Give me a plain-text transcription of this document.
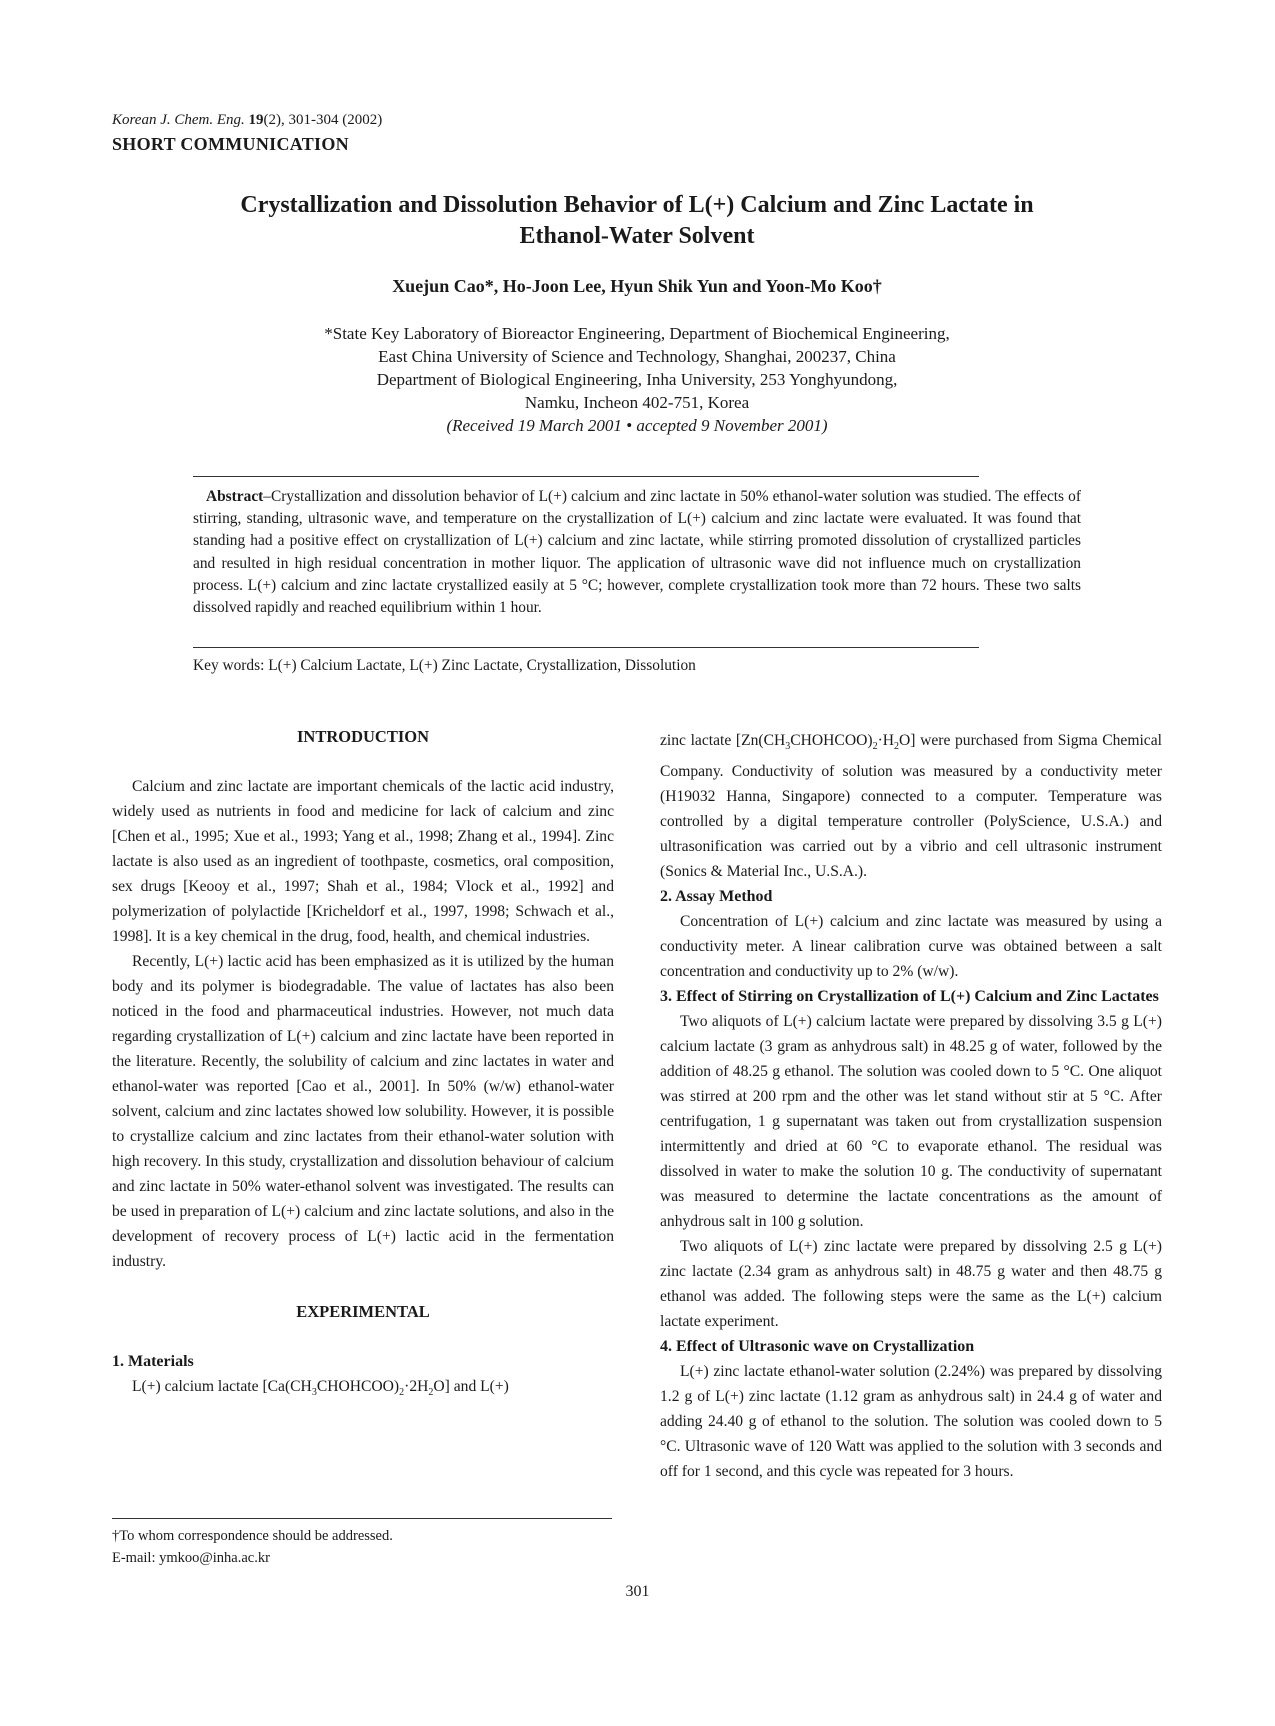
Korean J. Chem. Eng. 19(2), 301-304 (2002)
SHORT COMMUNICATION
Crystallization and Dissolution Behavior of L(+) Calcium and Zinc Lactate in
Ethanol-Water Solvent
Xuejun Cao*, Ho-Joon Lee, Hyun Shik Yun and Yoon-Mo Koo†
*State Key Laboratory of Bioreactor Engineering, Department of Biochemical Engineering,
East China University of Science and Technology, Shanghai, 200237, China
Department of Biological Engineering, Inha University, 253 Yonghyundong,
Namku, Incheon 402-751, Korea
(Received 19 March 2001 • accepted 9 November 2001)
Abstract–Crystallization and dissolution behavior of L(+) calcium and zinc lactate in 50% ethanol-water solution was studied. The effects of stirring, standing, ultrasonic wave, and temperature on the crystallization of L(+) calcium and zinc lactate were evaluated. It was found that standing had a positive effect on crystallization of L(+) calcium and zinc lactate, while stirring promoted dissolution of crystallized particles and resulted in high residual concentration in mother liquor. The application of ultrasonic wave did not influence much on crystallization process. L(+) calcium and zinc lactate crystallized easily at 5 °C; however, complete crystallization took more than 72 hours. These two salts dissolved rapidly and reached equilibrium within 1 hour.
Key words: L(+) Calcium Lactate, L(+) Zinc Lactate, Crystallization, Dissolution
INTRODUCTION

Calcium and zinc lactate are important chemicals of the lactic acid industry, widely used as nutrients in food and medicine for lack of calcium and zinc [Chen et al., 1995; Xue et al., 1993; Yang et al., 1998; Zhang et al., 1994]. Zinc lactate is also used as an ingredient of toothpaste, cosmetics, oral composition, sex drugs [Keooy et al., 1997; Shah et al., 1984; Vlock et al., 1992] and polymerization of polylactide [Kricheldorf et al., 1997, 1998; Schwach et al., 1998]. It is a key chemical in the drug, food, health, and chemical industries.

Recently, L(+) lactic acid has been emphasized as it is utilized by the human body and its polymer is biodegradable. The value of lactates has also been noticed in the food and pharmaceutical industries. However, not much data regarding crystallization of L(+) calcium and zinc lactate have been reported in the literature. Recently, the solubility of calcium and zinc lactates in water and ethanol-water was reported [Cao et al., 2001]. In 50% (w/w) ethanol-water solvent, calcium and zinc lactates showed low solubility. However, it is possible to crystallize calcium and zinc lactates from their ethanol-water solution with high recovery. In this study, crystallization and dissolution behaviour of calcium and zinc lactate in 50% water-ethanol solvent was investigated. The results can be used in preparation of L(+) calcium and zinc lactate solutions, and also in the development of recovery process of L(+) lactic acid in the fermentation industry.

EXPERIMENTAL
1. Materials

L(+) calcium lactate $[Ca(CH_3CHOHCOO)_2\cdot 2H_2O]$ and L(+)

zinc lactate $[Zn(CH_3CHOHCOO)_2\cdot H_2O]$ were purchased from Sigma Chemical Company. Conductivity of solution was measured by a conductivity meter (H19032 Hanna, Singapore) connected to a computer. Temperature was controlled by a digital temperature controller (PolyScience, U.S.A.) and ultrasonification was carried out by a vibrio and cell ultrasonic instrument (Sonics & Material Inc., U.S.A.).

2. Assay Method

Concentration of L(+) calcium and zinc lactate was measured by using a conductivity meter. A linear calibration curve was obtained between a salt concentration and conductivity up to 2% (w/w).

3. Effect of Stirring on Crystallization of L(+) Calcium and Zinc Lactates

Two aliquots of L(+) calcium lactate were prepared by dissolving 3.5 g L(+) calcium lactate (3 gram as anhydrous salt) in 48.25 g of water, followed by the addition of 48.25 g ethanol. The solution was cooled down to 5 °C. One aliquot was stirred at 200 rpm and the other was let stand without stir at 5 °C. After centrifugation, 1 g supernatant was taken out from crystallization suspension intermittently and dried at 60 °C to evaporate ethanol. The residual was dissolved in water to make the solution 10 g. The conductivity of supernatant was measured to determine the lactate concentrations as the amount of anhydrous salt in 100 g solution.

Two aliquots of L(+) zinc lactate were prepared by dissolving 2.5 g L(+) zinc lactate (2.34 gram as anhydrous salt) in 48.75 g water and then 48.75 g ethanol was added. The following steps were the same as the L(+) calcium lactate experiment.

4. Effect of Ultrasonic wave on Crystallization

L(+) zinc lactate ethanol-water solution (2.24%) was prepared by dissolving 1.2 g of L(+) zinc lactate (1.12 gram as anhydrous salt) in 24.4 g of water and adding 24.40 g of ethanol to the solution. The solution was cooled down to 5 °C. Ultrasonic wave of 120 Watt was applied to the solution with 3 seconds and off for 1 second, and this cycle was repeated for 3 hours.

†To whom correspondence should be addressed.
E-mail: ymkoo@inha.ac.kr
301
